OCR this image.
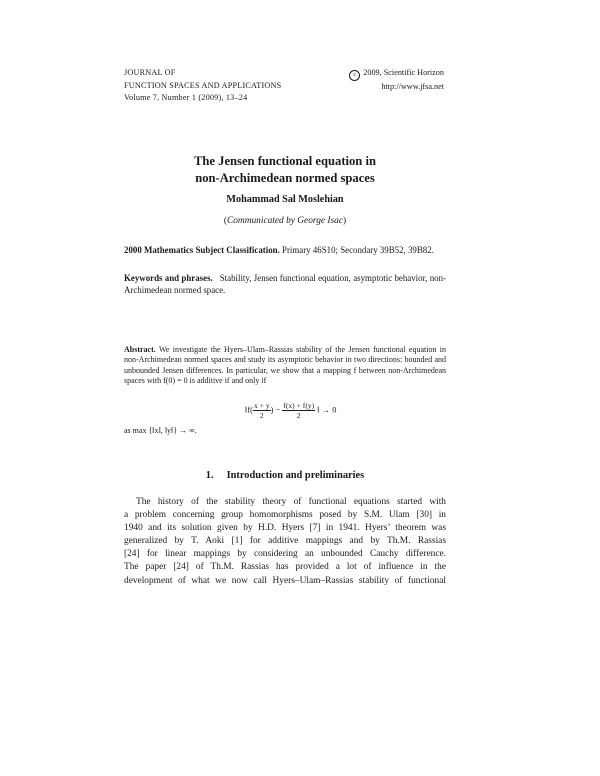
JOURNAL OF
FUNCTION SPACES AND APPLICATIONS
Volume 7, Number 1 (2009), 13–24
c 2009, Scientific Horizon
http://www.jfsa.net
The Jensen functional equation in
non-Archimedean normed spaces
Mohammad Sal Moslehian
(Communicated by George Isac)
2000 Mathematics Subject Classification. Primary 46S10; Secondary 39B52, 39B82.
Keywords and phrases. Stability, Jensen functional equation, asymptotic behavior, non-Archimedean normed space.
Abstract. We investigate the Hyers–Ulam–Rassias stability of the Jensen functional equation in non-Archimedean normed spaces and study its asymptotic behavior in two directions: bounded and unbounded Jensen differences. In particular, we show that a mapping f between non-Archimedean spaces with f(0) = 0 is additive if and only if
‖f( $\frac{x + y}{2}$ ) − $\frac{f(x) + f(y)}{2}$ ‖ → 0
as max {‖x‖, ‖y‖} → ∞.
1. Introduction and preliminaries
The history of the stability theory of functional equations started with
a problem concerning group homomorphisms posed by S.M. Ulam [30] in
1940 and its solution given by H.D. Hyers [7] in 1941. Hyers’ theorem was
generalized by T. Aoki [1] for additive mappings and by Th.M. Rassias
[24] for linear mappings by considering an unbounded Cauchy difference.
The paper [24] of Th.M. Rassias has provided a lot of influence in the
development of what we now call Hyers–Ulam–Rassias stability of functional
